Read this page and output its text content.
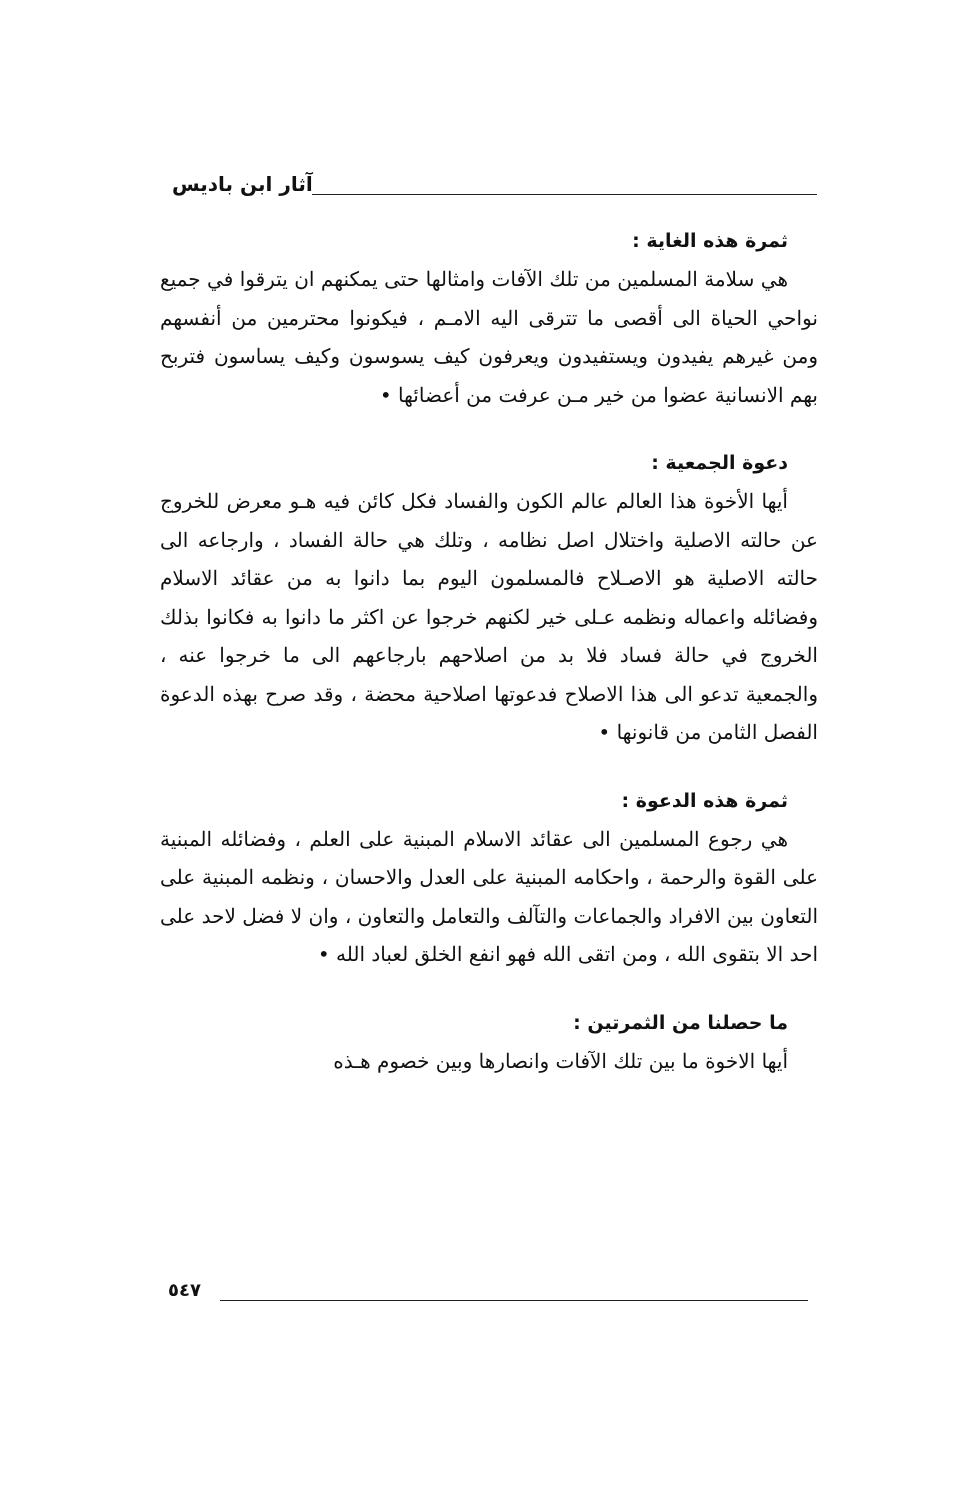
آثار ابن باديس
ثمرة هذه الغاية :

هي سلامة المسلمين من تلك الآفات وامثالها حتى يمكنهم ان يترقوا في جميع نواحي الحياة الى أقصى ما تترقى اليه الامـم ، فيكونوا محترمين من أنفسهم ومن غيرهم يفيدون ويستفيدون ويعرفون كيف يسوسون وكيف يساسون فتربح بهم الانسانية عضوا من خير مـن عرفت من أعضائها •

دعوة الجمعية :

أيها الأخوة هذا العالم عالم الكون والفساد فكل كائن فيه هـو معرض للخروج عن حالته الاصلية واختلال اصل نظامه ، وتلك هي حالة الفساد ، وارجاعه الى حالته الاصلية هو الاصـلاح فالمسلمون اليوم بما دانوا به من عقائد الاسلام وفضائله واعماله ونظمه عـلى خير لكنهم خرجوا عن اكثر ما دانوا به فكانوا بذلك الخروج في حالة فساد فلا بد من اصلاحهم بارجاعهم الى ما خرجوا عنه ، والجمعية تدعو الى هذا الاصلاح فدعوتها اصلاحية محضة ، وقد صرح بهذه الدعوة الفصل الثامن من قانونها •

ثمرة هذه الدعوة :

هي رجوع المسلمين الى عقائد الاسلام المبنية على العلم ، وفضائله المبنية على القوة والرحمة ، واحكامه المبنية على العدل والاحسان ، ونظمه المبنية على التعاون بين الافراد والجماعات والتآلف والتعامل والتعاون ، وان لا فضل لاحد على احد الا بتقوى الله ، ومن اتقى الله فهو انفع الخلق لعباد الله •

ما حصلنا من الثمرتين :

أيها الاخوة ما بين تلك الآفات وانصارها وبين خصوم هـذه

٥٤٧
